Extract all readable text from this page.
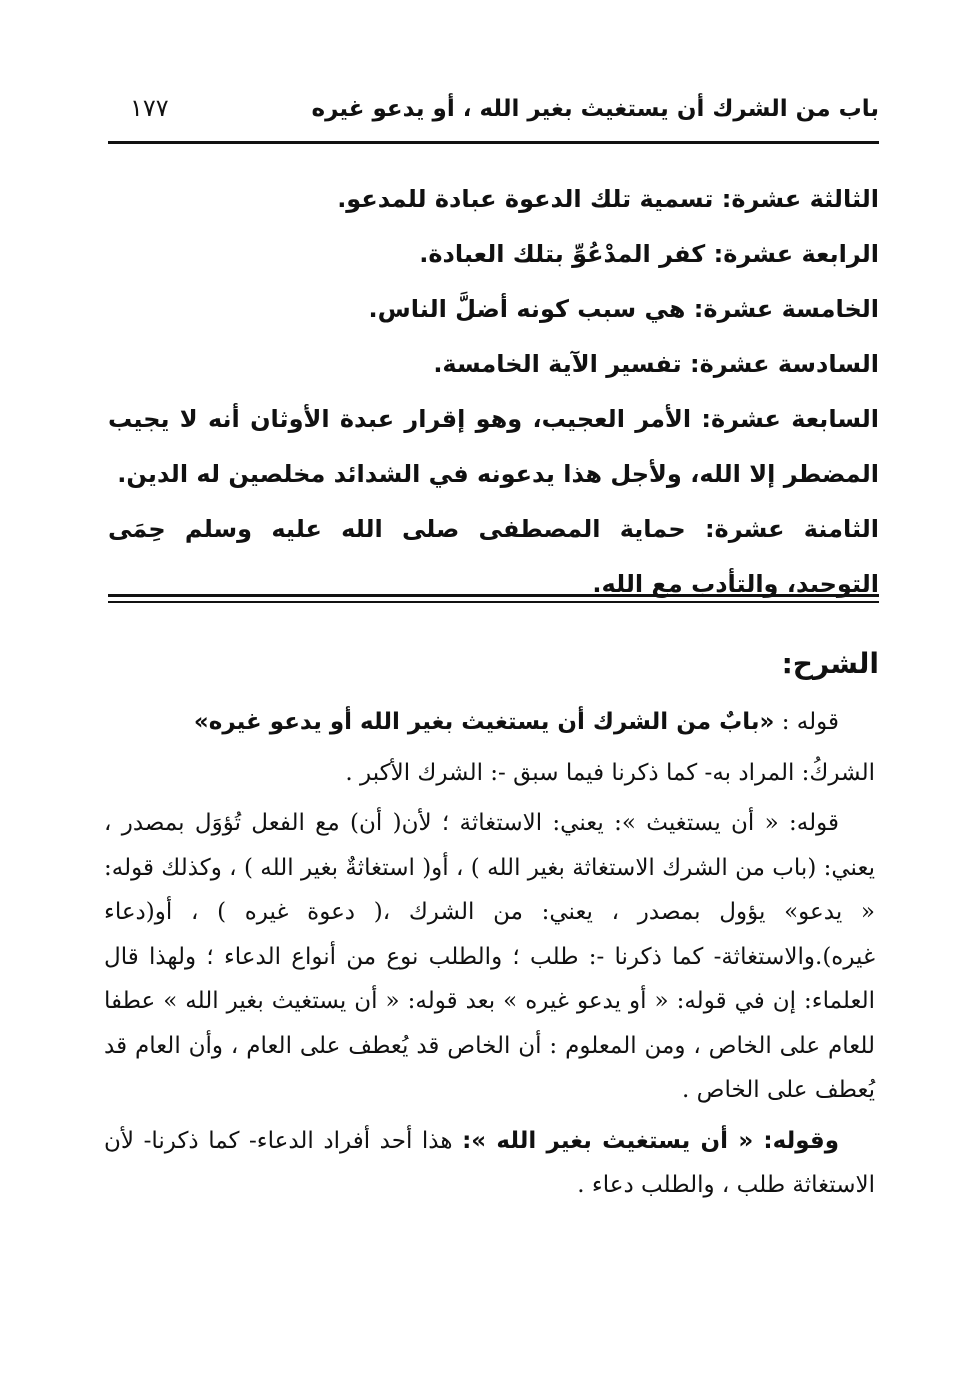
باب من الشرك أن يستغيث بغير الله ، أو يدعو غيره
١٧٧

الثالثة عشرة: تسمية تلك الدعوة عبادة للمدعو.

الرابعة عشرة: كفر المدْعُوِّ بتلك العبادة.

الخامسة عشرة: هي سبب كونه أضلَّ الناس.

السادسة عشرة: تفسير الآية الخامسة.

السابعة عشرة: الأمر العجيب، وهو إقرار عبدة الأوثان أنه لا يجيب المضطر إلا الله، ولأجل هذا يدعونه في الشدائد مخلصين له الدين.

الثامنة عشرة: حماية المصطفى صلى الله عليه وسلم حِمَى التوحيد، والتأدب مع الله.

الشرح:

قوله : «بابٌ من الشرك أن يستغيث بغير الله أو يدعو غيره»

الشركُ: المراد به- كما ذكرنا فيما سبق -: الشرك الأكبر .

قوله: « أن يستغيث »: يعني: الاستغاثة ؛ لأن( أن) مع الفعل تُؤوَل بمصدر ، يعني: (باب من الشرك الاستغاثة بغير الله ) ، أو( استغاثةٌ بغير الله ) ، وكذلك قوله: « يدعو» يؤول بمصدر ، يعني: من الشرك ،( دعوة غيره ) ، أو(دعاء غيره).والاستغاثة- كما ذكرنا -: طلب ؛ والطلب نوع من أنواع الدعاء ؛ ولهذا قال العلماء: إن في قوله: « أو يدعو غيره » بعد قوله: « أن يستغيث بغير الله » عطفا للعام على الخاص ، ومن المعلوم : أن الخاص قد يُعطف على العام ، وأن العام قد يُعطف على الخاص .

وقوله: « أن يستغيث بغير الله »: هذا أحد أفراد الدعاء- كما ذكرنا- لأن الاستغاثة طلب ، والطلب دعاء .
